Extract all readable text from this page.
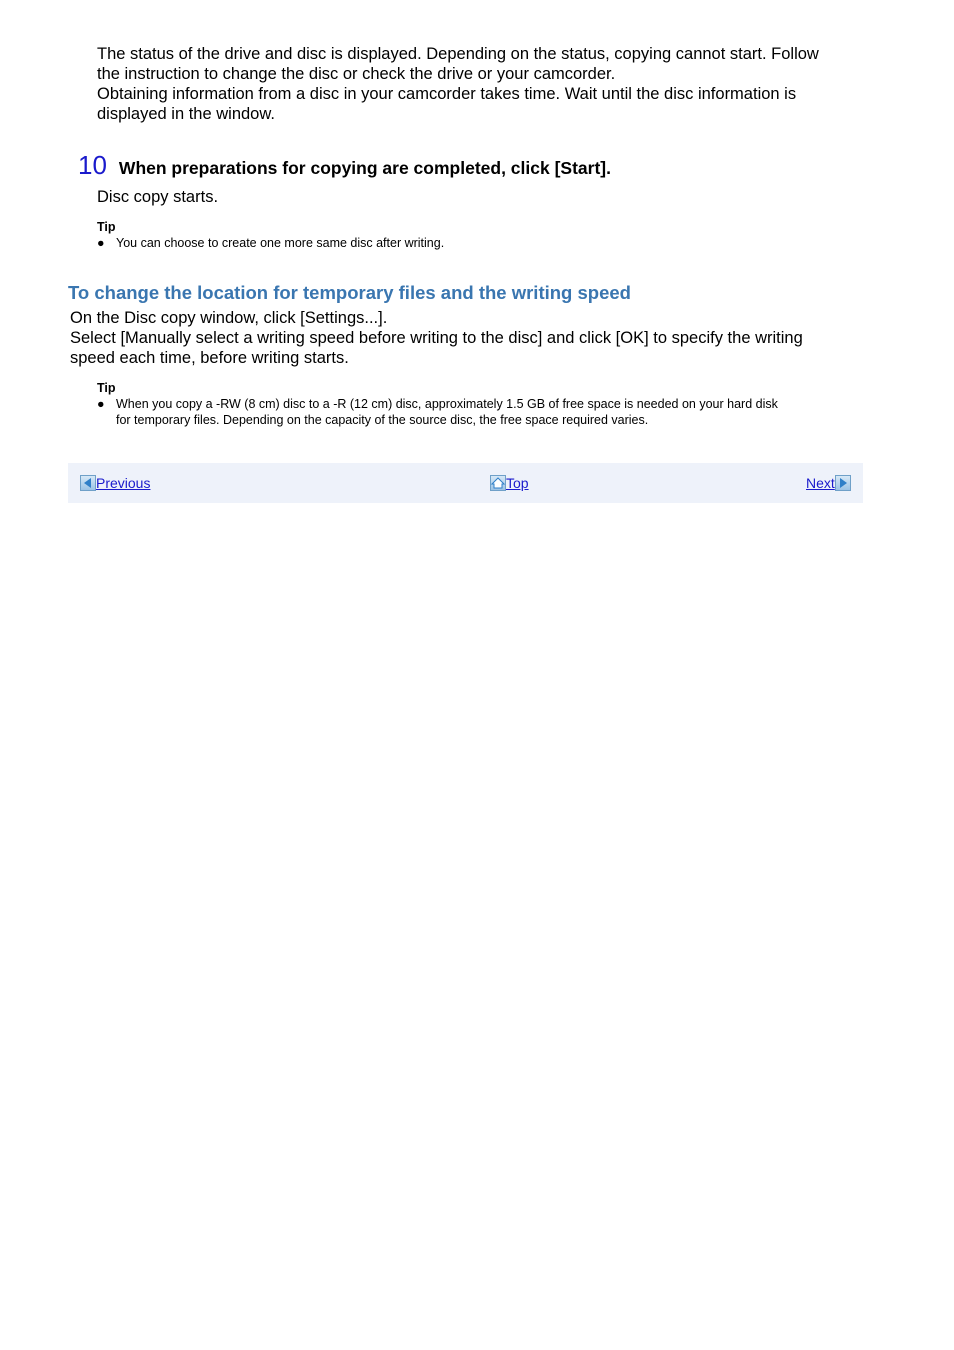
The status of the drive and disc is displayed. Depending on the status, copying cannot start. Follow
the instruction to change the disc or check the drive or your camcorder.
Obtaining information from a disc in your camcorder takes time. Wait until the disc information is
displayed in the window.
10 When preparations for copying are completed, click [Start].
Disc copy starts.
Tip
● You can choose to create one more same disc after writing.
To change the location for temporary files and the writing speed
On the Disc copy window, click [Settings...].
Select [Manually select a writing speed before writing to the disc] and click [OK] to specify the writing
speed each time, before writing starts.
Tip
● When you copy a -RW (8 cm) disc to a -R (12 cm) disc, approximately 1.5 GB of free space is needed on your hard disk
for temporary files. Depending on the capacity of the source disc, the free space required varies.
Previous	Top	Next
